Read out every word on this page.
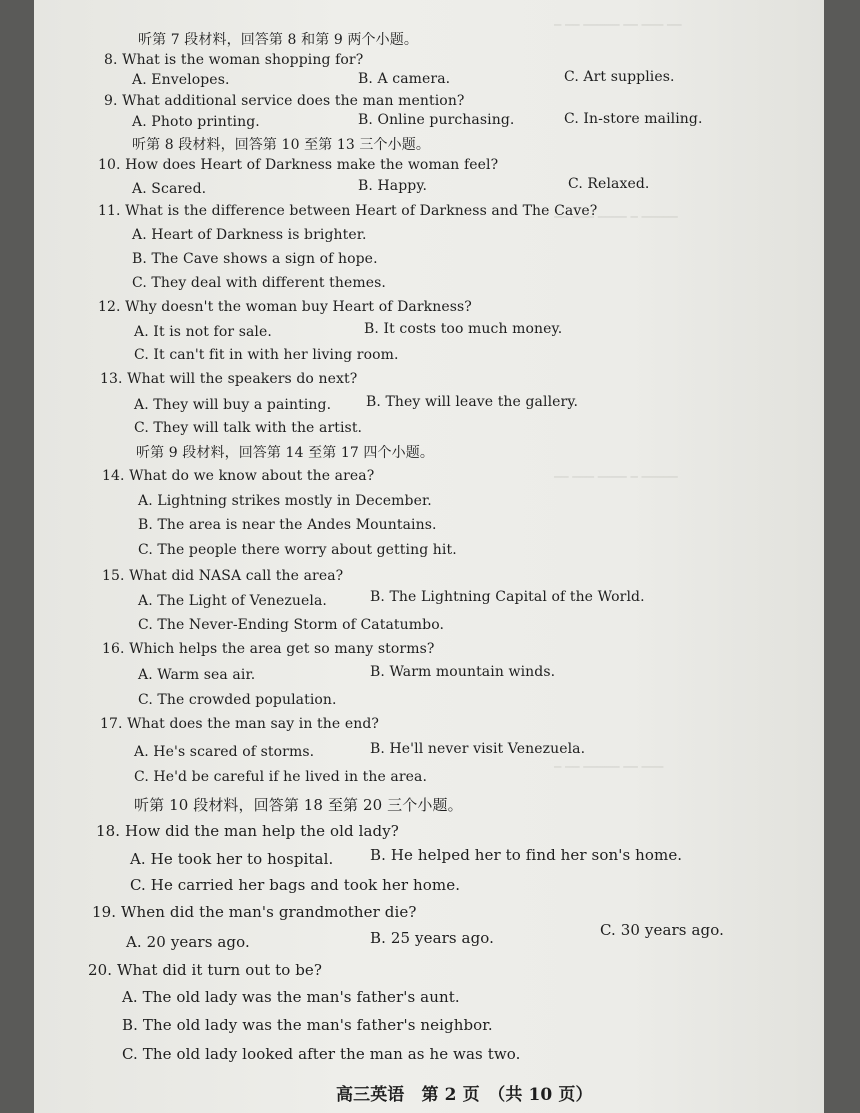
─ ── ───── ── ─── ──
── ─── ──── ─ ─────
── ─── ──── ─ ─────
─ ── ───── ── ───
听第 7 段材料，回答第 8 和第 9 两个小题。
8. What is the woman shopping for?
A. Envelopes.	B. A camera.	C. Art supplies.
9. What additional service does the man mention?
A. Photo printing.	B. Online purchasing.	C. In-store mailing.
听第 8 段材料，回答第 10 至第 13 三个小题。
10. How does Heart of Darkness make the woman feel?
A. Scared.	B. Happy.	C. Relaxed.
11. What is the difference between Heart of Darkness and The Cave?
A. Heart of Darkness is brighter.
B. The Cave shows a sign of hope.
C. They deal with different themes.
12. Why doesn't the woman buy Heart of Darkness?
A. It is not for sale.	B. It costs too much money.
C. It can't fit in with her living room.
13. What will the speakers do next?
A. They will buy a painting. B. They will leave the gallery.
C. They will talk with the artist.
听第 9 段材料，回答第 14 至第 17 四个小题。
14. What do we know about the area?
A. Lightning strikes mostly in December.
B. The area is near the Andes Mountains.
C. The people there worry about getting hit.
15. What did NASA call the area?
A. The Light of Venezuela.	B. The Lightning Capital of the World.
C. The Never-Ending Storm of Catatumbo.
16. Which helps the area get so many storms?
A. Warm sea air.	B. Warm mountain winds.
C. The crowded population.
17. What does the man say in the end?
A. He's scared of storms.	B. He'll never visit Venezuela.
C. He'd be careful if he lived in the area.
听第 10 段材料，回答第 18 至第 20 三个小题。
18. How did the man help the old lady?
A. He took her to hospital. B. He helped her to find her son's home.
C. He carried her bags and took her home.
19. When did the man's grandmother die?
A. 20 years ago.	B. 25 years ago.	C. 30 years ago.
20. What did it turn out to be?
A. The old lady was the man's father's aunt.
B. The old lady was the man's father's neighbor.
C. The old lady looked after the man as he was two.
高三英语　第 2 页　（共 10 页）
